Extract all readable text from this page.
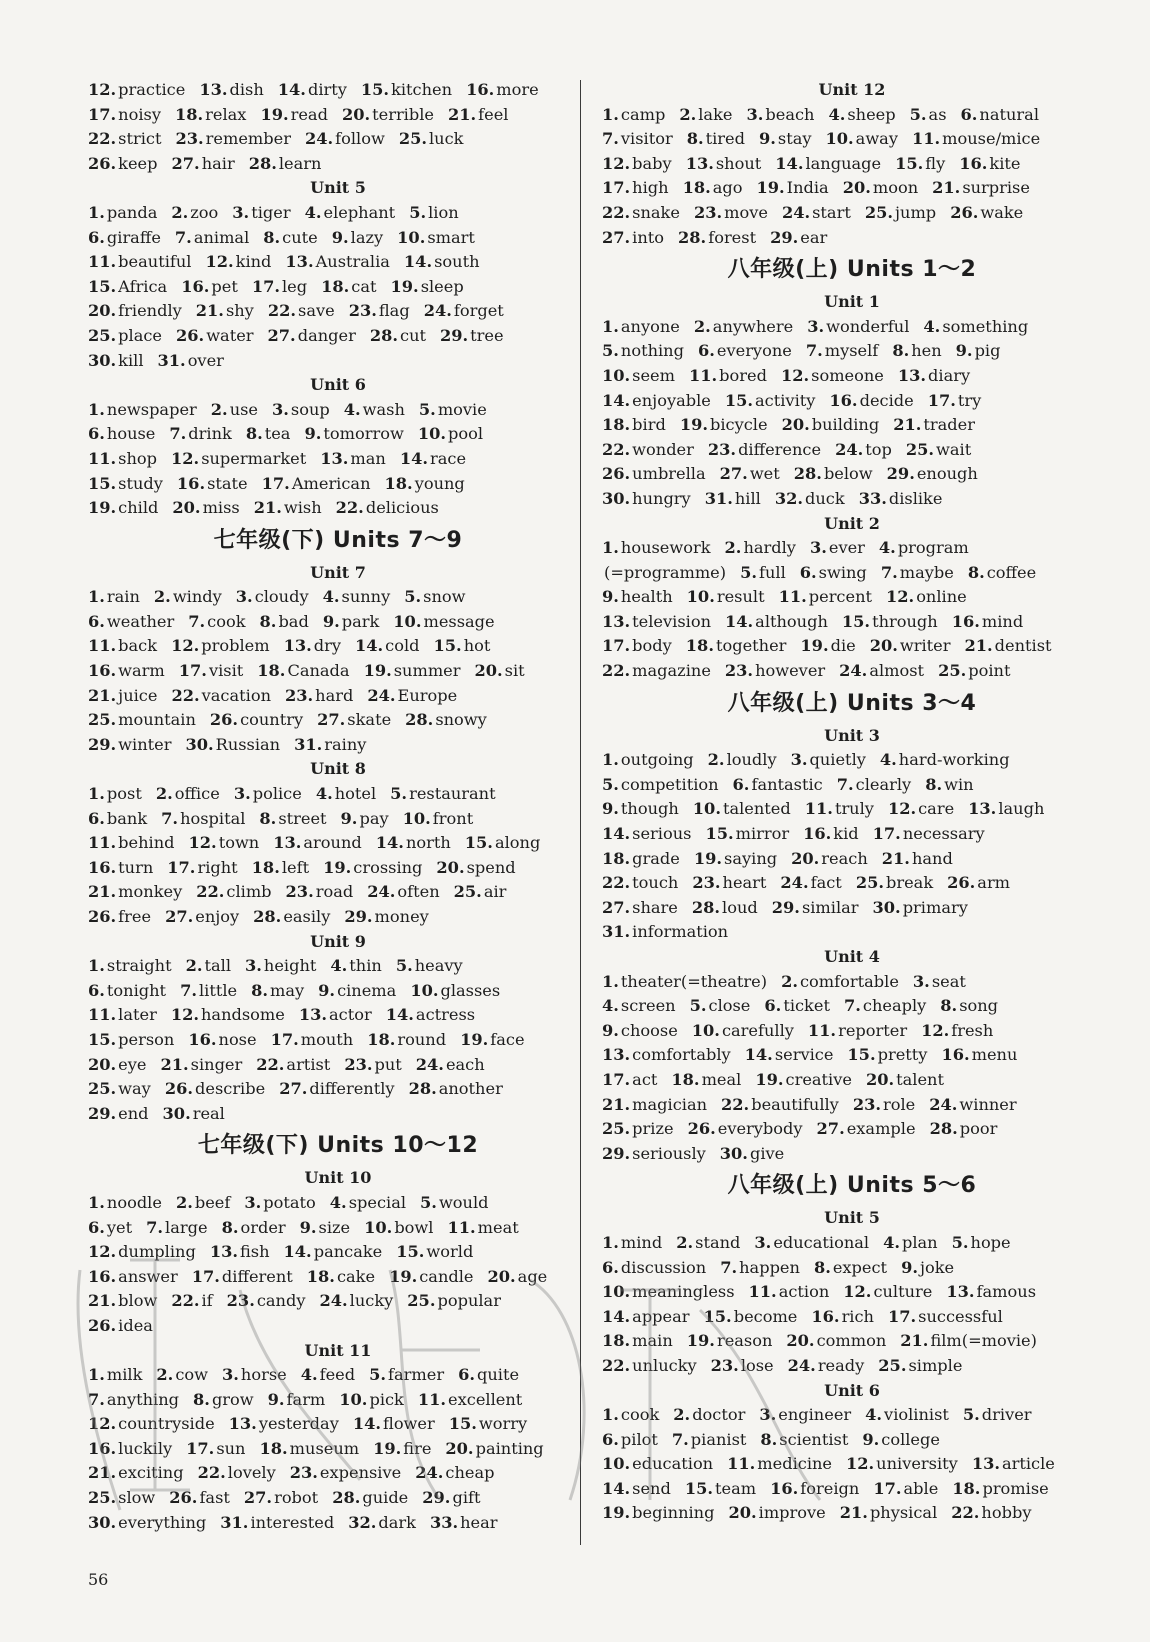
12. practice 13. dish 14. dirty 15. kitchen 16. more
17. noisy 18. relax 19. read 20. terrible 21. feel
22. strict 23. remember 24. follow 25. luck
26. keep 27. hair 28. learn
Unit 5
1. panda 2. zoo 3. tiger 4. elephant 5. lion
6. giraffe 7. animal 8. cute 9. lazy 10. smart
11. beautiful 12. kind 13. Australia 14. south
15. Africa 16. pet 17. leg 18. cat 19. sleep
20. friendly 21. shy 22. save 23. flag 24. forget
25. place 26. water 27. danger 28. cut 29. tree
30. kill 31. over
Unit 6
1. newspaper 2. use 3. soup 4. wash 5. movie
6. house 7. drink 8. tea 9. tomorrow 10. pool
11. shop 12. supermarket 13. man 14. race
15. study 16. state 17. American 18. young
19. child 20. miss 21. wish 22. delicious
七年级(下) Units 7～9
Unit 7
1. rain 2. windy 3. cloudy 4. sunny 5. snow
6. weather 7. cook 8. bad 9. park 10. message
11. back 12. problem 13. dry 14. cold 15. hot
16. warm 17. visit 18. Canada 19. summer 20. sit
21. juice 22. vacation 23. hard 24. Europe
25. mountain 26. country 27. skate 28. snowy
29. winter 30. Russian 31. rainy
Unit 8
1. post 2. office 3. police 4. hotel 5. restaurant
6. bank 7. hospital 8. street 9. pay 10. front
11. behind 12. town 13. around 14. north 15. along
16. turn 17. right 18. left 19. crossing 20. spend
21. monkey 22. climb 23. road 24. often 25. air
26. free 27. enjoy 28. easily 29. money
Unit 9
1. straight 2. tall 3. height 4. thin 5. heavy
6. tonight 7. little 8. may 9. cinema 10. glasses
11. later 12. handsome 13. actor 14. actress
15. person 16. nose 17. mouth 18. round 19. face
20. eye 21. singer 22. artist 23. put 24. each
25. way 26. describe 27. differently 28. another
29. end 30. real
七年级(下) Units 10～12
Unit 10
1. noodle 2. beef 3. potato 4. special 5. would
6. yet 7. large 8. order 9. size 10. bowl 11. meat
12. dumpling 13. fish 14. pancake 15. world
16. answer 17. different 18. cake 19. candle 20. age
21. blow 22. if 23. candy 24. lucky 25. popular
26. idea
Unit 11
1. milk 2. cow 3. horse 4. feed 5. farmer 6. quite
7. anything 8. grow 9. farm 10. pick 11. excellent
12. countryside 13. yesterday 14. flower 15. worry
16. luckily 17. sun 18. museum 19. fire 20. painting
21. exciting 22. lovely 23. expensive 24. cheap
25. slow 26. fast 27. robot 28. guide 29. gift
30. everything 31. interested 32. dark 33. hear
Unit 12
1. camp 2. lake 3. beach 4. sheep 5. as 6. natural
7. visitor 8. tired 9. stay 10. away 11. mouse/mice
12. baby 13. shout 14. language 15. fly 16. kite
17. high 18. ago 19. India 20. moon 21. surprise
22. snake 23. move 24. start 25. jump 26. wake
27. into 28. forest 29. ear
八年级(上) Units 1～2
Unit 1
1. anyone 2. anywhere 3. wonderful 4. something
5. nothing 6. everyone 7. myself 8. hen 9. pig
10. seem 11. bored 12. someone 13. diary
14. enjoyable 15. activity 16. decide 17. try
18. bird 19. bicycle 20. building 21. trader
22. wonder 23. difference 24. top 25. wait
26. umbrella 27. wet 28. below 29. enough
30. hungry 31. hill 32. duck 33. dislike
Unit 2
1. housework 2. hardly 3. ever 4. program
(=programme) 5. full 6. swing 7. maybe 8. coffee
9. health 10. result 11. percent 12. online
13. television 14. although 15. through 16. mind
17. body 18. together 19. die 20. writer 21. dentist
22. magazine 23. however 24. almost 25. point
八年级(上) Units 3～4
Unit 3
1. outgoing 2. loudly 3. quietly 4. hard-working
5. competition 6. fantastic 7. clearly 8. win
9. though 10. talented 11. truly 12. care 13. laugh
14. serious 15. mirror 16. kid 17. necessary
18. grade 19. saying 20. reach 21. hand
22. touch 23. heart 24. fact 25. break 26. arm
27. share 28. loud 29. similar 30. primary
31. information
Unit 4
1. theater(=theatre) 2. comfortable 3. seat
4. screen 5. close 6. ticket 7. cheaply 8. song
9. choose 10. carefully 11. reporter 12. fresh
13. comfortably 14. service 15. pretty 16. menu
17. act 18. meal 19. creative 20. talent
21. magician 22. beautifully 23. role 24. winner
25. prize 26. everybody 27. example 28. poor
29. seriously 30. give
八年级(上) Units 5～6
Unit 5
1. mind 2. stand 3. educational 4. plan 5. hope
6. discussion 7. happen 8. expect 9. joke
10. meaningless 11. action 12. culture 13. famous
14. appear 15. become 16. rich 17. successful
18. main 19. reason 20. common 21. film(=movie)
22. unlucky 23. lose 24. ready 25. simple
Unit 6
1. cook 2. doctor 3. engineer 4. violinist 5. driver
6. pilot 7. pianist 8. scientist 9. college
10. education 11. medicine 12. university 13. article
14. send 15. team 16. foreign 17. able 18. promise
19. beginning 20. improve 21. physical 22. hobby
56
